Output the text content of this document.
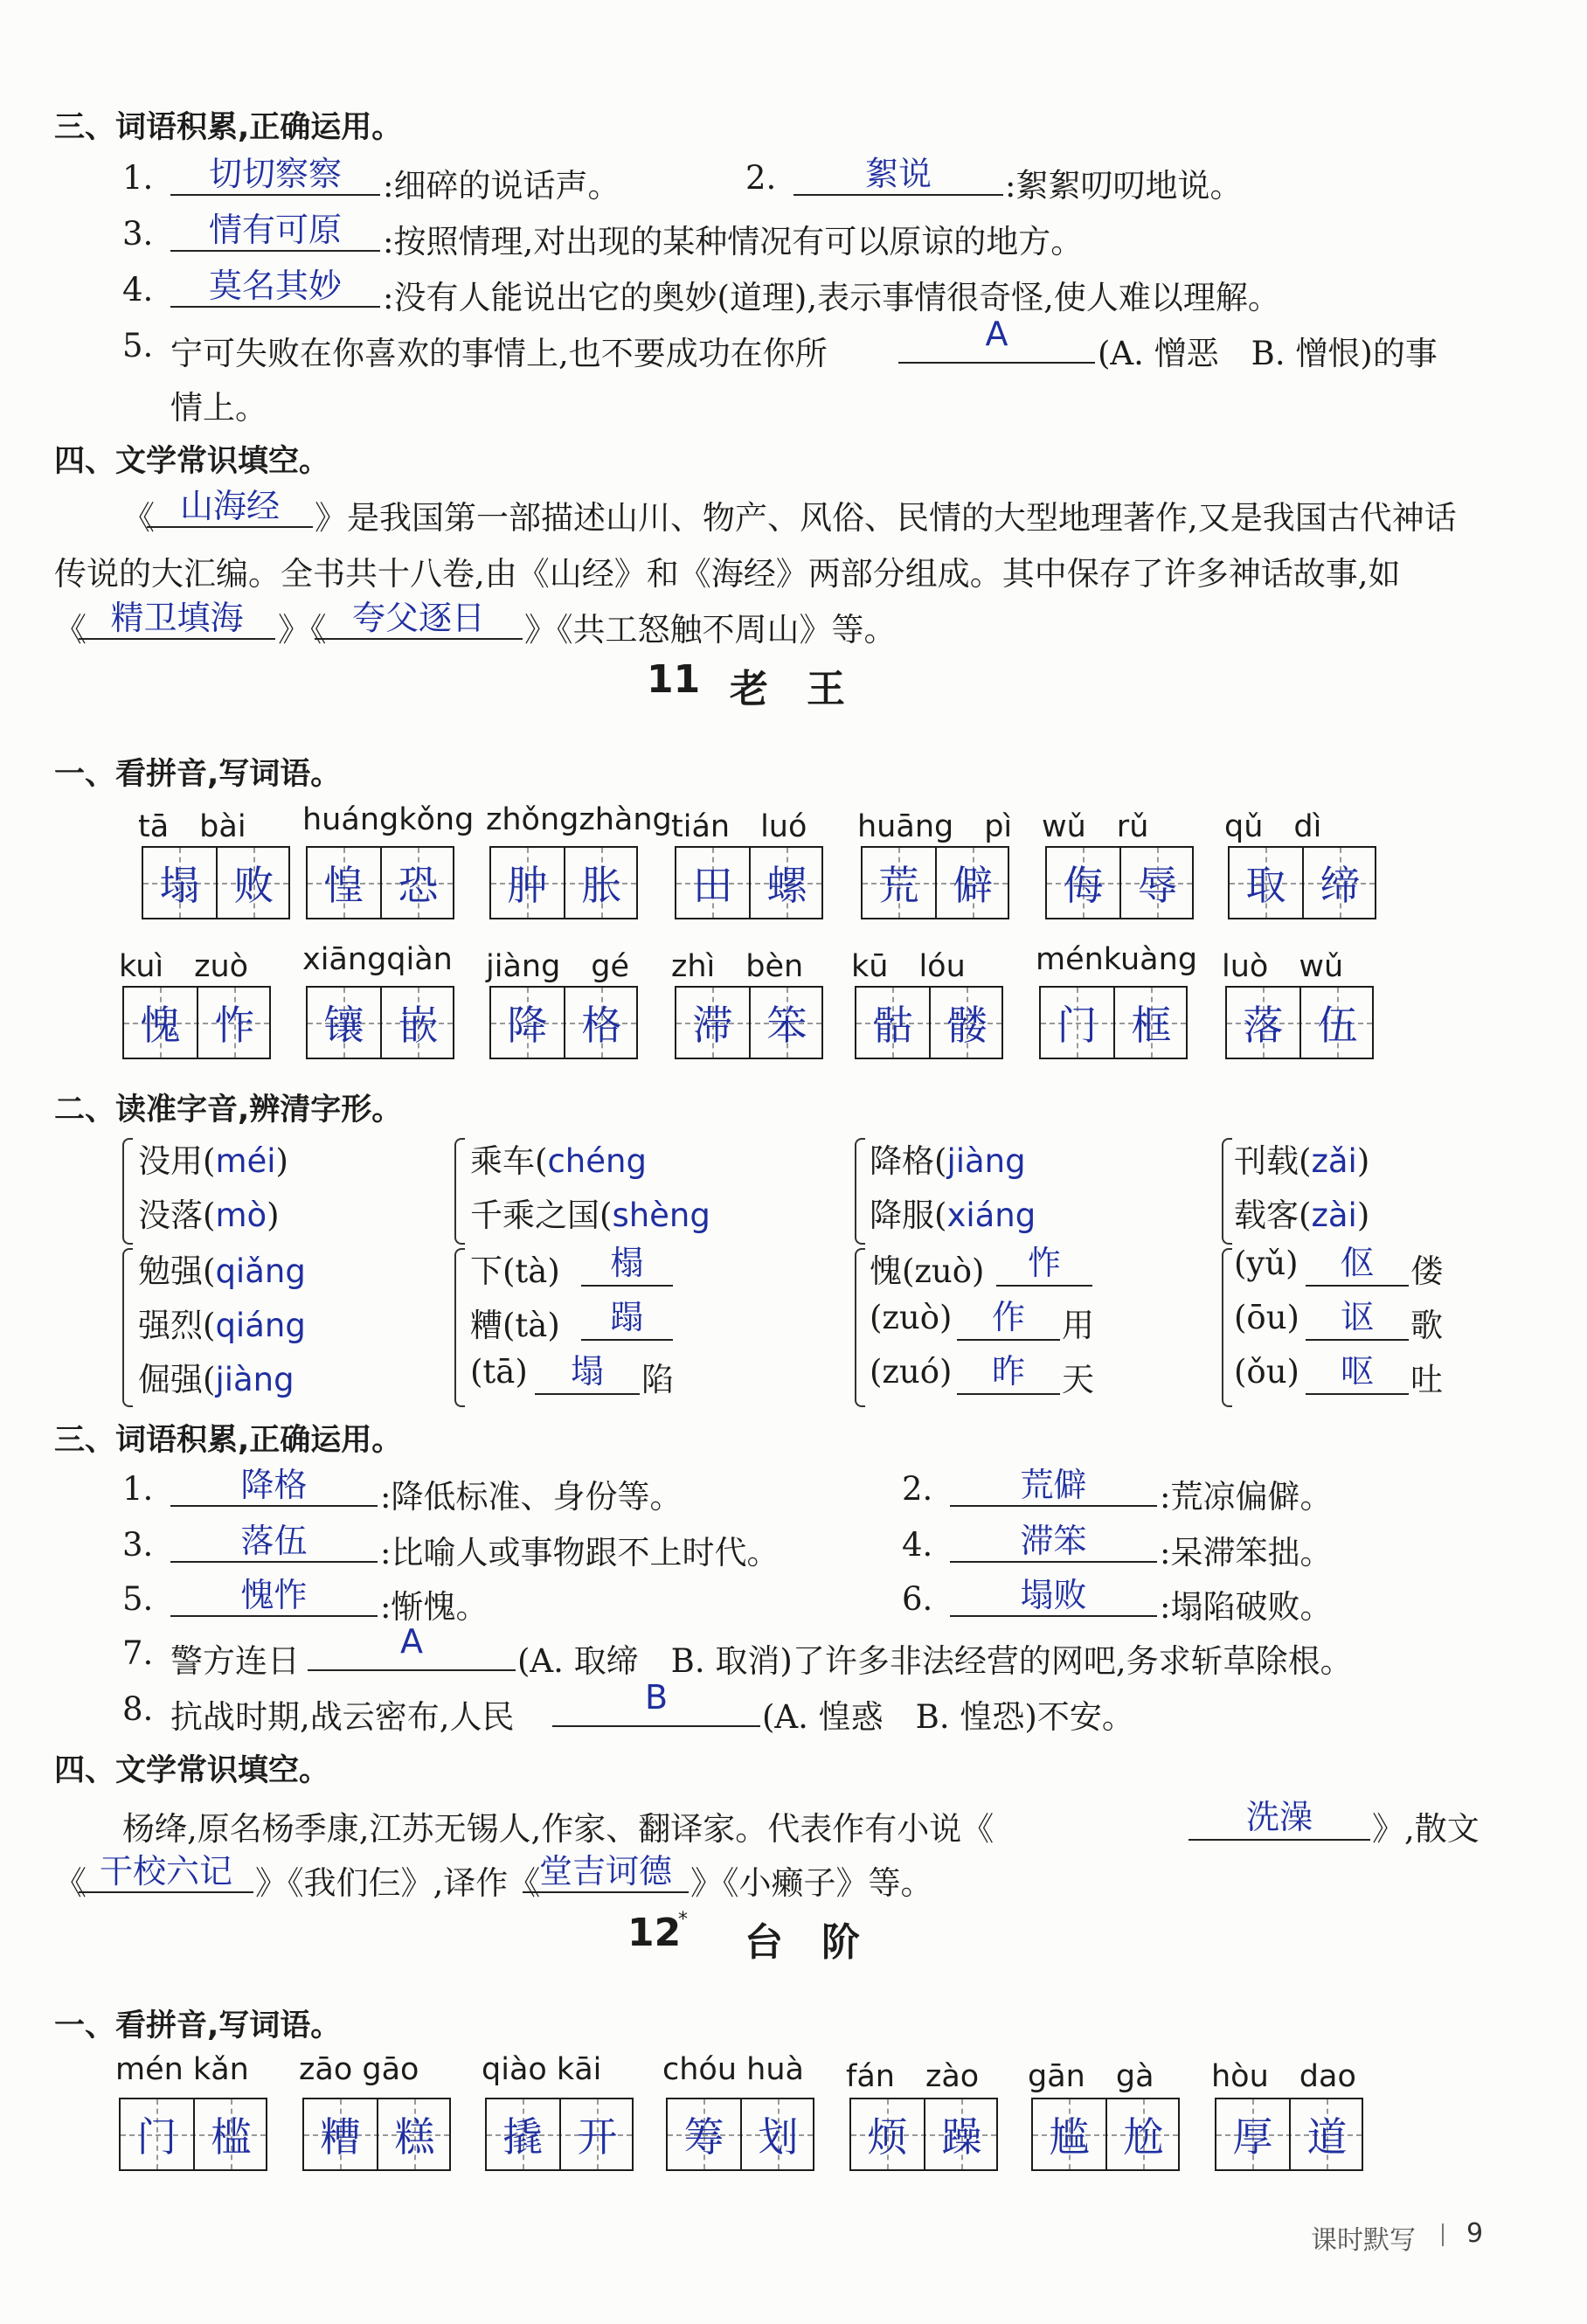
三、词语积累,正确运用。
1.	切切察察	:细碎的说话声。	2.	絮说	:絮絮叨叨地说。
3.	情有可原	:按照情理,对出现的某种情况有可以原谅的地方。
4.	莫名其妙	:没有人能说出它的奥妙(道理),表示事情很奇怪,使人难以理解。
5. 宁可失败在你喜欢的事情上,也不要成功在你所
A
(A. 憎恶　B. 憎恨)的事
情上。
四、文学常识填空。
《 山海经	》是我国第一部描述山川、物产、风俗、民情的大型地理著作,又是我国古代神话
传说的大汇编。全书共十八卷,由《山经》和《海经》两部分组成。其中保存了许多神话故事,如
《 精卫填海	》《 夸父逐日	》《共工怒触不周山》等。
11 老　王
一、看拼音,写词语。
tā　bài
塌 败
huángkǒng
惶 恐
zhǒngzhàng
肿 胀
tián　luó
田 螺
huāng　pì
荒 僻
wǔ　rǔ
侮 辱
qǔ　dì
取 缔
kuì　zuò
愧 怍
xiāngqiàn
镶 嵌
jiàng　gé
降 格
zhì　bèn
滞 笨
kū　lóu
骷 髅
ménkuàng
门 框
luò　wǔ
落 伍
二、读准字音,辨清字形。
没用(méi)
没落(mò)
乘车(chéng
千乘之国(shèng
降格(jiàng
降服(xiáng
刊载(zǎi)
载客(zài)
勉强(qiǎng
强烈(qiáng
倔强(jiàng
下(tà)	榻
糟(tà)	蹋
(tā)	塌	陷
愧(zuò)	怍
(zuò)	作	用
(zuó)	昨	天
(yǔ)	伛	偻
(ōu)	讴	歌
(ǒu)	呕	吐
三、词语积累,正确运用。
1.	降格	:降低标准、身份等。	2.	荒僻	:荒凉偏僻。
3.	落伍	:比喻人或事物跟不上时代。	4.	滞笨	:呆滞笨拙。
5.	愧怍	:惭愧。	6.	塌败	:塌陷破败。
7. 警方连日
A
(A. 取缔　B. 取消)了许多非法经营的网吧,务求斩草除根。
8. 抗战时期,战云密布,人民
B
(A. 惶惑　B. 惶恐)不安。
四、文学常识填空。
杨绛,原名杨季康,江苏无锡人,作家、翻译家。代表作有小说《	洗澡	》,散文
《 干校六记 》《我们仨》,译作《
堂吉诃德 》《小癞子》等。
12
*
台　阶
一、看拼音,写词语。
mén kǎn
门 槛
zāo gāo
糟 糕
qiào kāi
撬 开
chóu huà
筹 划
fán　zào
烦 躁
gān　gà
尴 尬
hòu　dao
厚 道
课时默写 9
